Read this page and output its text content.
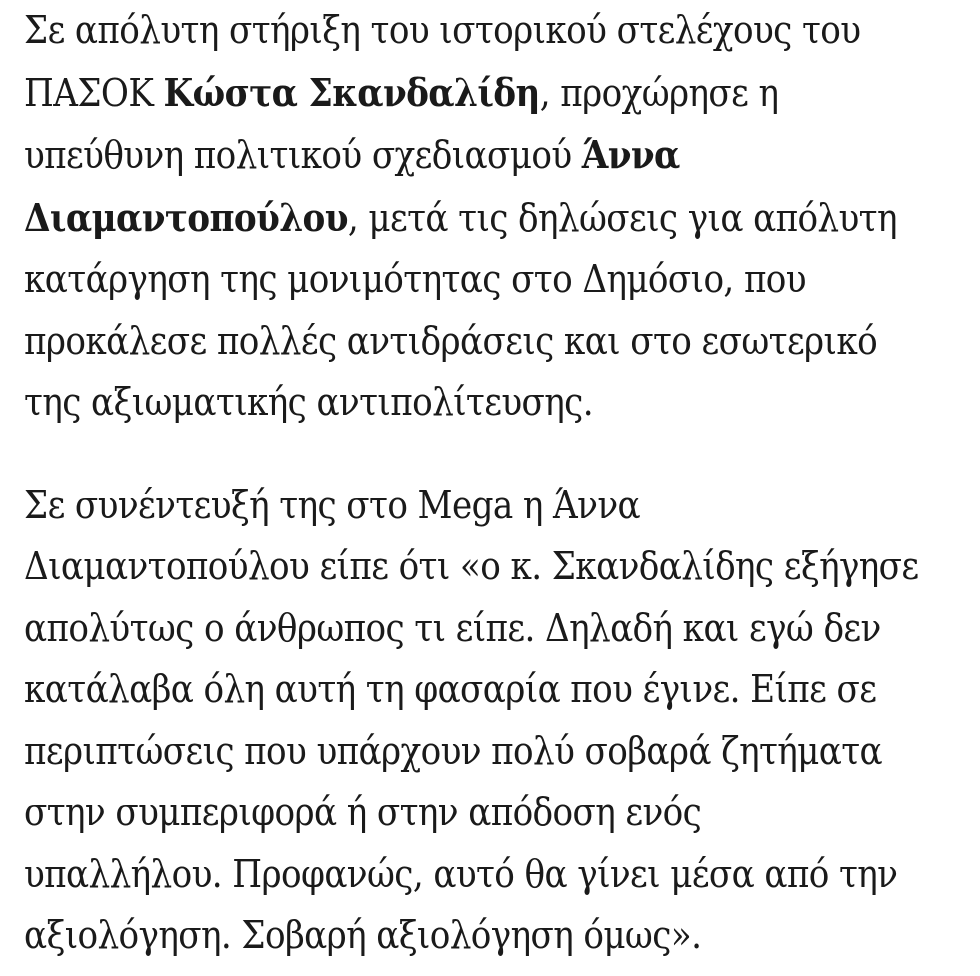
Σε απόλυτη στήριξη του ιστορικού στελέχους του
ΠΑΣΟΚ Κώστα Σκανδαλίδη, προχώρησε η
υπεύθυνη πολιτικού σχεδιασμού Άννα
Διαμαντοπούλου, μετά τις δηλώσεις για απόλυτη
κατάργηση της μονιμότητας στο Δημόσιο, που
προκάλεσε πολλές αντιδράσεις και στο εσωτερικό
της αξιωματικής αντιπολίτευσης.

Σε συνέντευξή της στο Mega η Άννα
Διαμαντοπούλου είπε ότι «ο κ. Σκανδαλίδης εξήγησε
απολύτως ο άνθρωπος τι είπε. Δηλαδή και εγώ δεν
κατάλαβα όλη αυτή τη φασαρία που έγινε. Είπε σε
περιπτώσεις που υπάρχουν πολύ σοβαρά ζητήματα
στην συμπεριφορά ή στην απόδοση ενός
υπαλλήλου. Προφανώς, αυτό θα γίνει μέσα από την
αξιολόγηση. Σοβαρή αξιολόγηση όμως».
